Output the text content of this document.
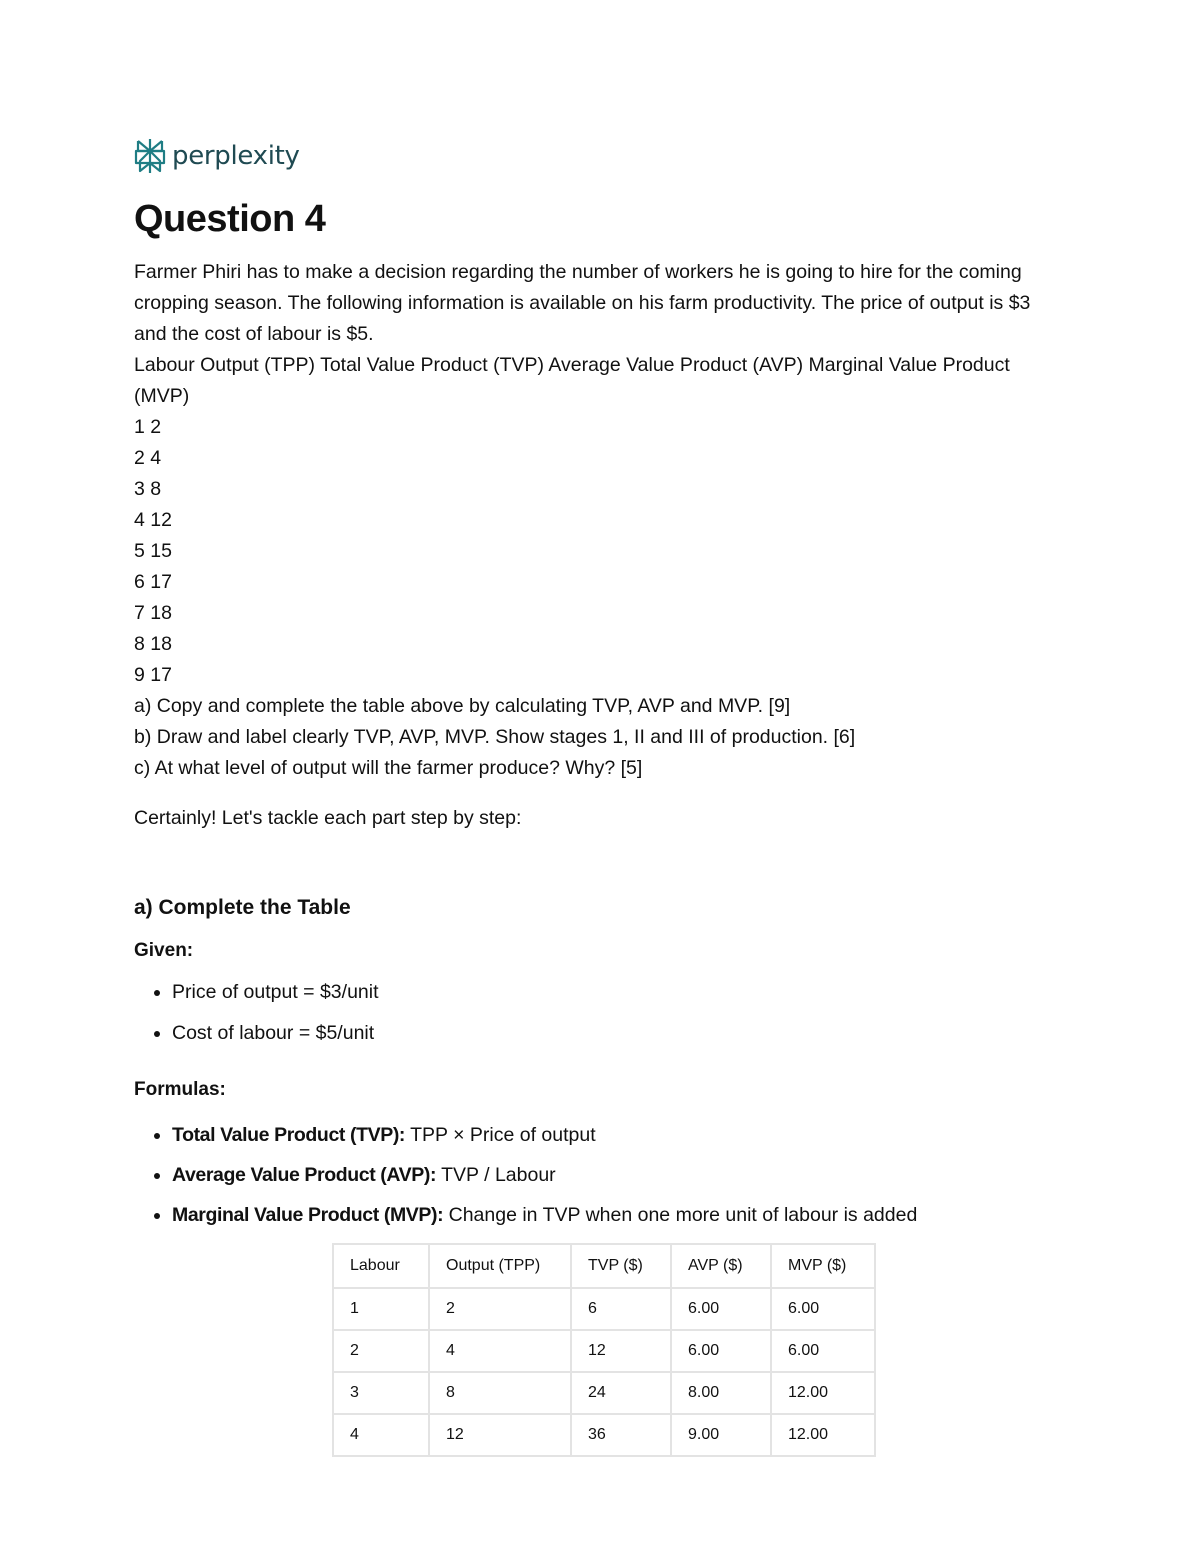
perplexity
Question 4

Farmer Phiri has to make a decision regarding the number of workers he is going to hire for the coming cropping season. The following information is available on his farm productivity. The price of output is $3 and the cost of labour is $5.

Labour Output (TPP) Total Value Product (TVP) Average Value Product (AVP) Marginal Value Product (MVP)

1 2
2 4
3 8
4 12
5 15
6 17
7 18
8 18
9 17
a) Copy and complete the table above by calculating TVP, AVP and MVP. [9]
b) Draw and label clearly TVP, AVP, MVP. Show stages 1, II and III of production. [6]
c) At what level of output will the farmer produce? Why? [5]

Certainly! Let's tackle each part step by step:

a) Complete the Table
Given:
• Price of output = $3/unit
• Cost of labour = $5/unit
Formulas:
• Total Value Product (TVP): TPP × Price of output
• Average Value Product (AVP): TVP / Labour
• Marginal Value Product (MVP): Change in TVP when one more unit of labour is added
Labour	Output (TPP)	TVP ($)	AVP ($)	MVP ($)
1	2	6	6.00	6.00
2	4	12	6.00	6.00
3	8	24	8.00	12.00
4	12	36	9.00	12.00
